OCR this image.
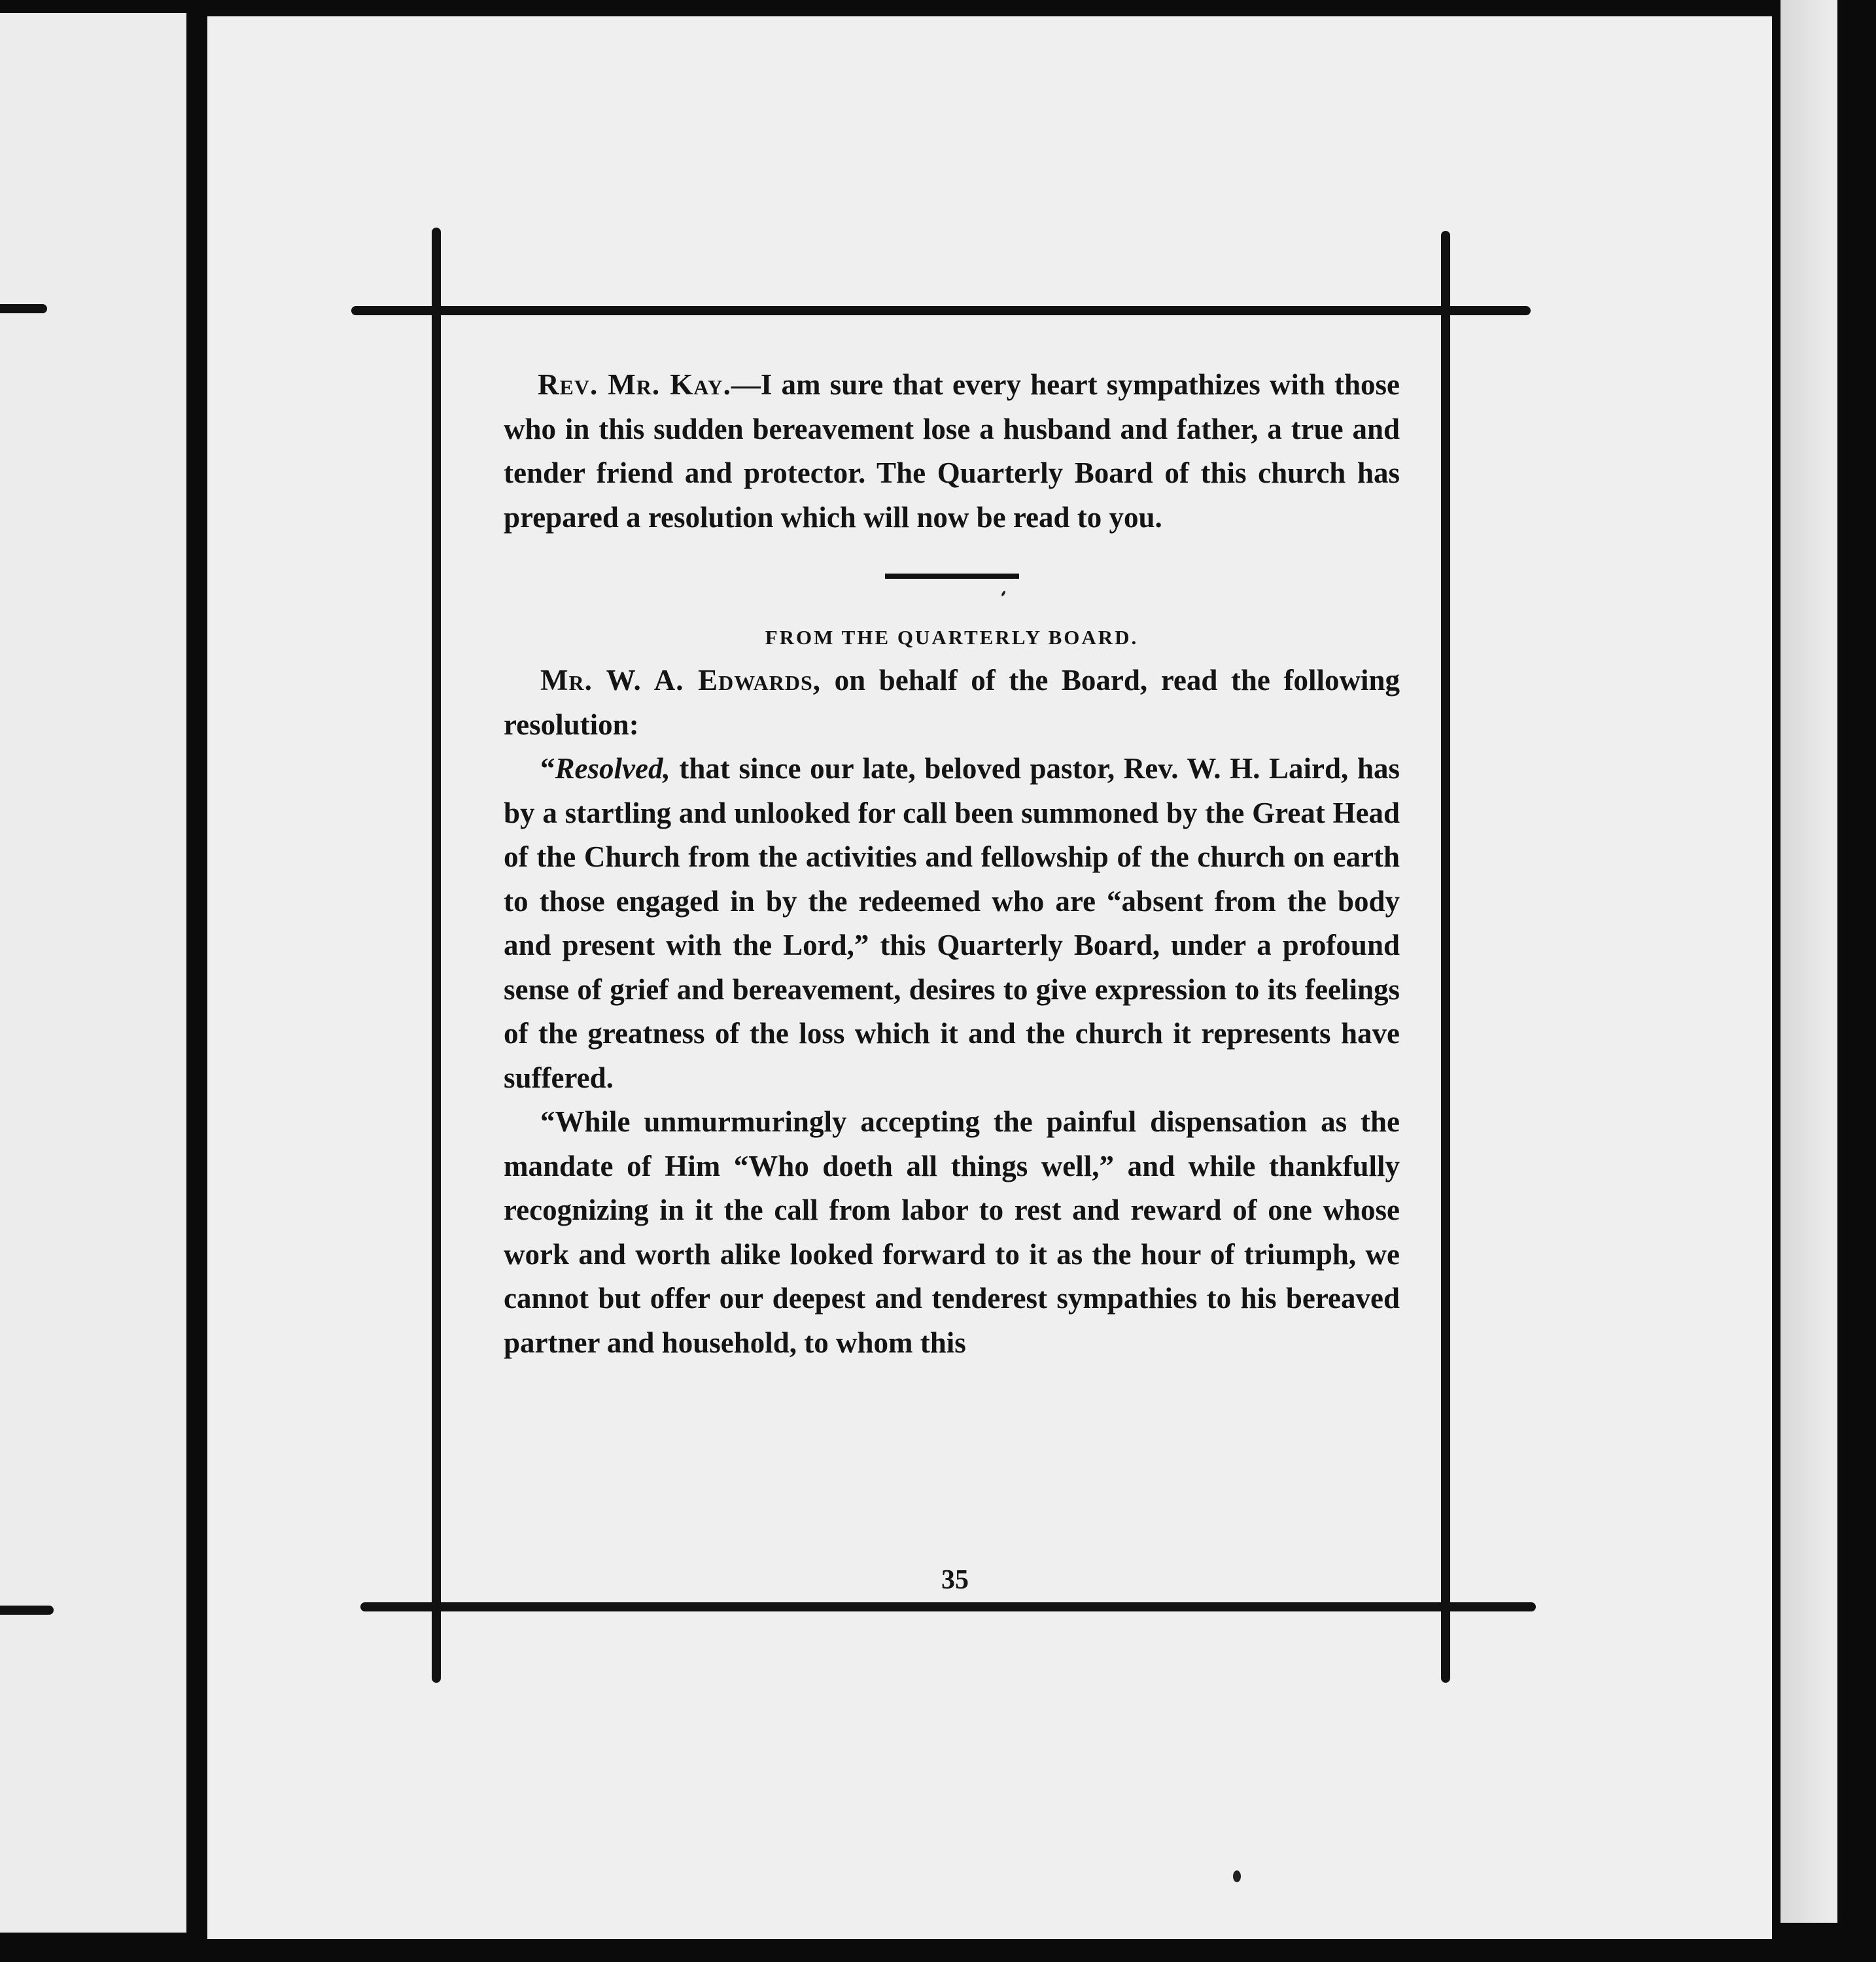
Rev. Mr. Kay.—I am sure that every heart sympathizes with those who in this sudden bereavement lose a husband and father, a true and tender friend and protector. The Quarterly Board of this church has prepared a resolution which will now be read to you.

FROM THE QUARTERLY BOARD.

Mr. W. A. Edwards, on behalf of the Board, read the following resolution:

“Resolved, that since our late, beloved pastor, Rev. W. H. Laird, has by a startling and unlooked for call been summoned by the Great Head of the Church from the activities and fellowship of the church on earth to those engaged in by the redeemed who are “absent from the body and present with the Lord,” this Quarterly Board, under a profound sense of grief and bereavement, desires to give expression to its feelings of the greatness of the loss which it and the church it represents have suffered.

“While unmurmuringly accepting the painful dispensation as the mandate of Him “Who doeth all things well,” and while thankfully recognizing in it the call from labor to rest and reward of one whose work and worth alike looked forward to it as the hour of triumph, we cannot but offer our deepest and tenderest sympathies to his bereaved partner and household, to whom this

35
